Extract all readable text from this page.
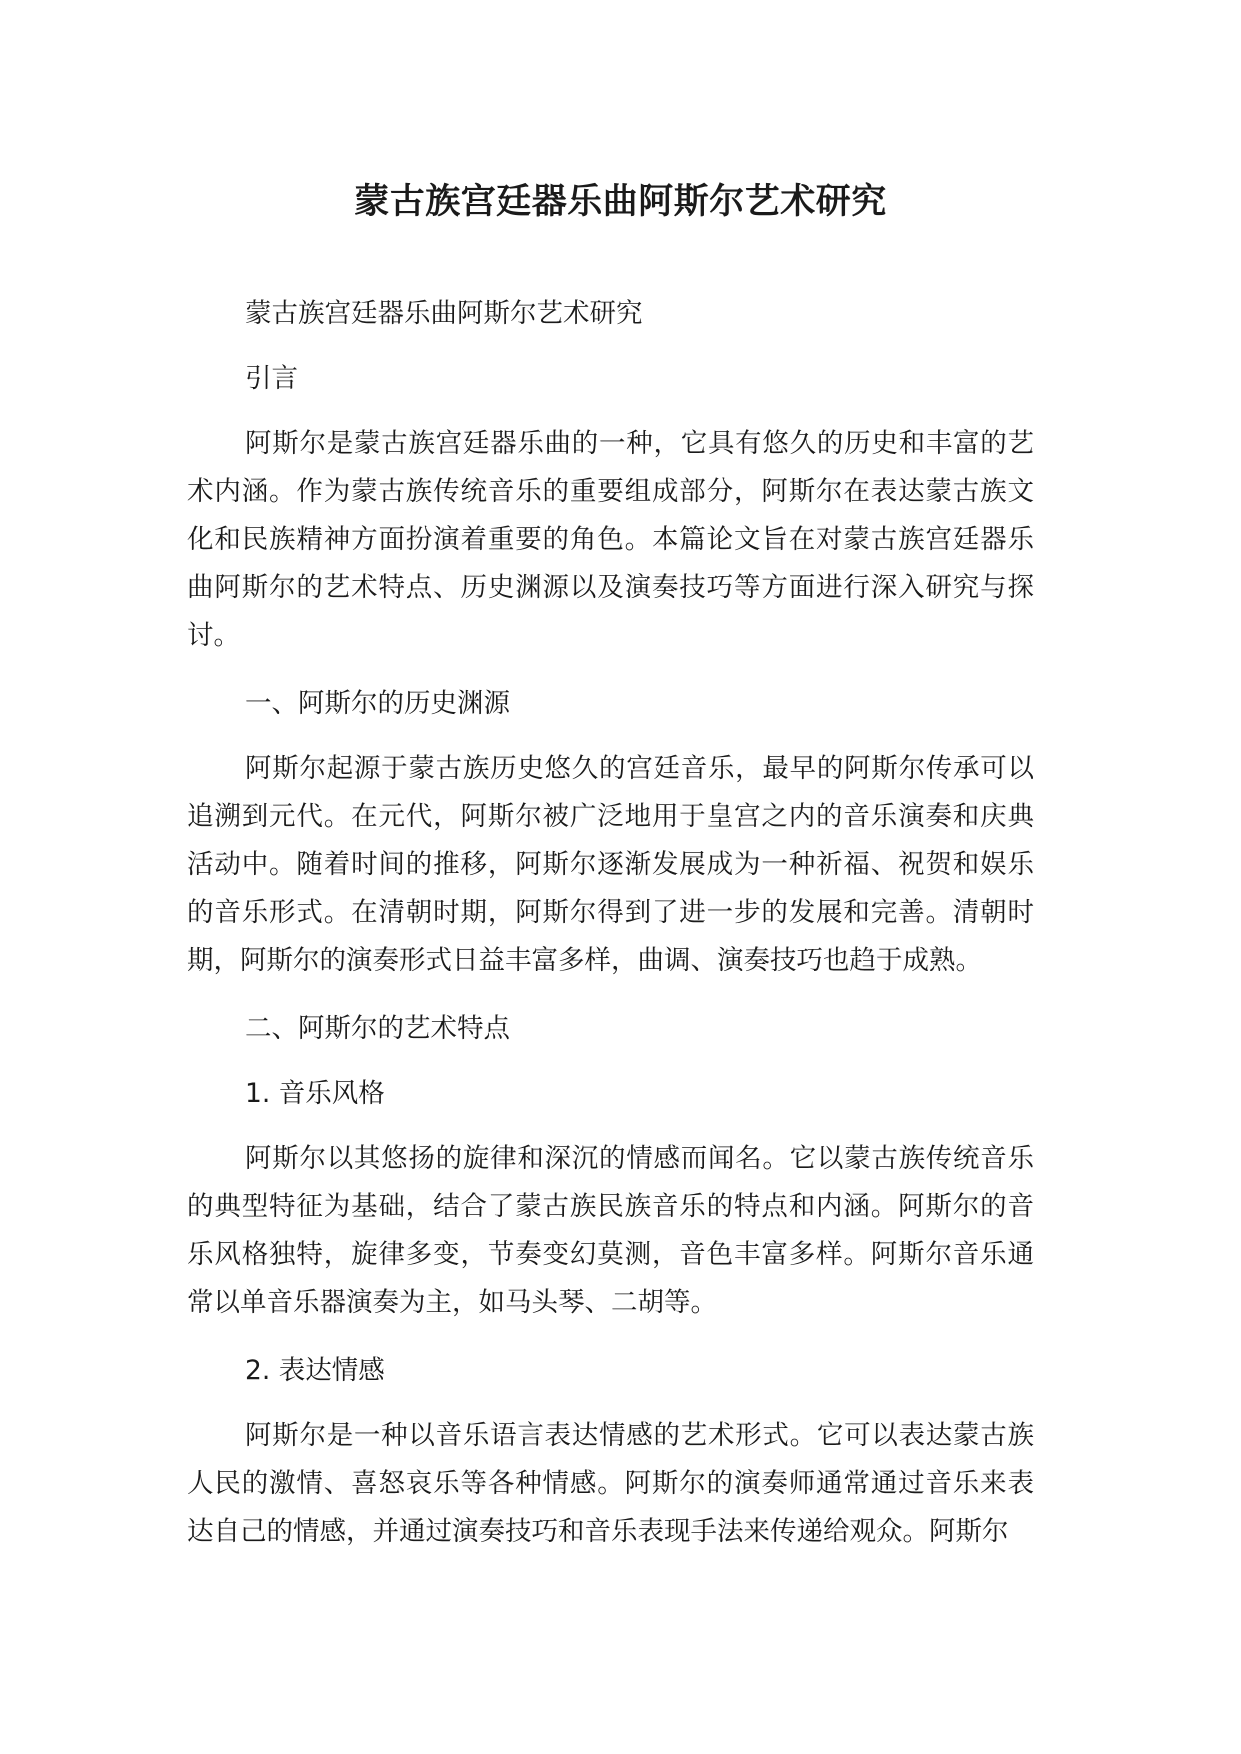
蒙古族宫廷器乐曲阿斯尔艺术研究

蒙古族宫廷器乐曲阿斯尔艺术研究

引言

阿斯尔是蒙古族宫廷器乐曲的一种，它具有悠久的历史和丰富的艺术内涵。作为蒙古族传统音乐的重要组成部分，阿斯尔在表达蒙古族文化和民族精神方面扮演着重要的角色。本篇论文旨在对蒙古族宫廷器乐曲阿斯尔的艺术特点、历史渊源以及演奏技巧等方面进行深入研究与探讨。

一、阿斯尔的历史渊源

阿斯尔起源于蒙古族历史悠久的宫廷音乐，最早的阿斯尔传承可以追溯到元代。在元代，阿斯尔被广泛地用于皇宫之内的音乐演奏和庆典活动中。随着时间的推移，阿斯尔逐渐发展成为一种祈福、祝贺和娱乐的音乐形式。在清朝时期，阿斯尔得到了进一步的发展和完善。清朝时期，阿斯尔的演奏形式日益丰富多样，曲调、演奏技巧也趋于成熟。

二、阿斯尔的艺术特点

1. 音乐风格

阿斯尔以其悠扬的旋律和深沉的情感而闻名。它以蒙古族传统音乐的典型特征为基础，结合了蒙古族民族音乐的特点和内涵。阿斯尔的音乐风格独特，旋律多变，节奏变幻莫测，音色丰富多样。阿斯尔音乐通常以单音乐器演奏为主，如马头琴、二胡等。

2. 表达情感

阿斯尔是一种以音乐语言表达情感的艺术形式。它可以表达蒙古族人民的激情、喜怒哀乐等各种情感。阿斯尔的演奏师通常通过音乐来表达自己的情感，并通过演奏技巧和音乐表现手法来传递给观众。阿斯尔
